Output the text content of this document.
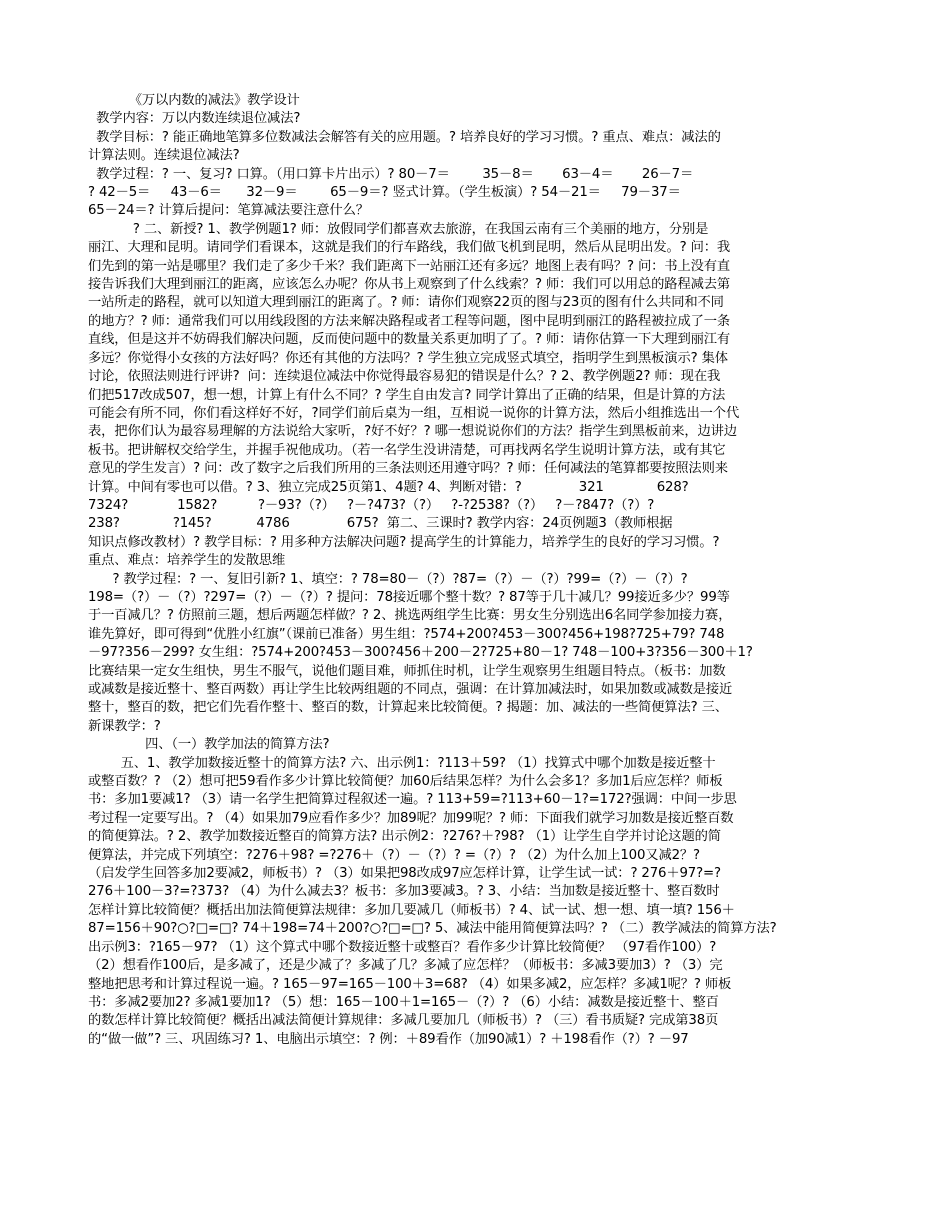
《万以内数的减法》教学设计
教学内容：万以内数连续退位减法?
教学目标：? 能正确地笔算多位数减法会解答有关的应用题。? 培养良好的学习习惯。? 重点、难点：减法的
计算法则。连续退位减法?
教学过程：? 一、复习? 口算。（用口算卡片出示）? 80－7＝        35－8＝       63－4＝       26－7＝
? 42－5＝     43－6＝      32－9＝        65－9＝? 竖式计算。（学生板演）? 54－21＝     79－37＝
65－24＝? 计算后提问：笔算减法要注意什么？
? 二、新授? 1、教学例题1? 师：放假同学们都喜欢去旅游，在我国云南有三个美丽的地方，分别是
丽江、大理和昆明。请同学们看课本，这就是我们的行车路线，我们做飞机到昆明，然后从昆明出发。? 问：我
们先到的第一站是哪里？我们走了多少千米？我们距离下一站丽江还有多远？地图上表有吗？? 问：书上没有直
接告诉我们大理到丽江的距离，应该怎么办呢？你从书上观察到了什么线索？? 师：我们可以用总的路程减去第
一站所走的路程，就可以知道大理到丽江的距离了。? 师：请你们观察22页的图与23页的图有什么共同和不同
的地方？? 师：通常我们可以用线段图的方法来解决路程或者工程等问题，图中昆明到丽江的路程被拉成了一条
直线，但是这并不妨碍我们解决问题，反而使问题中的数量关系更加明了了。? 师：请你估算一下大理到丽江有
多远？你觉得小女孩的方法好吗？你还有其他的方法吗？? 学生独立完成竖式填空，指明学生到黑板演示? 集体
讨论，依照法则进行评讲?  问：连续退位减法中你觉得最容易犯的错误是什么？? 2、教学例题2? 师：现在我
们把517改成507，想一想，计算上有什么不同？? 学生自由发言? 同学计算出了正确的结果，但是计算的方法
可能会有所不同，你们看这样好不好，?同学们前后桌为一组，互相说一说你的计算方法，然后小组推选出一个代
表，把你们认为最容易理解的方法说给大家听，?好不好？? 哪一想说说你们的方法？指学生到黑板前来，边讲边
板书。把讲解权交给学生，并握手祝他成功。（若一名学生没讲清楚，可再找两名学生说明计算方法，或有其它
意见的学生发言）? 问：改了数字之后我们所用的三条法则还用遵守吗？? 师：任何减法的笔算都要按照法则来
计算。中间有零也可以借。? 3、独立完成25页第1、4题? 4、判断对错：?              321             628?
7324?            1582?          ?－93?（?）   ?－?473?（?）   ?-?2538?（?）   ?－?847?（?）?
238?             ?145?           4786              675?  第二、三课时? 教学内容：24页例题3（教师根据
知识点修改教材）? 教学目标：? 用多种方法解决问题? 提高学生的计算能力，培养学生的良好的学习习惯。?
重点、难点：培养学生的发散思维
? 教学过程：? 一、复旧引新? 1、填空：? 78=80－（?）?87=（?）－（?）?99=（?）－（?）?
198=（?）－（?）?297=（?）－（?）? 提问：78接近哪个整十数？? 87等于几十减几？99接近多少？99等
于一百减几？? 仿照前三题，想后两题怎样做？? 2、挑选两组学生比赛：男女生分别选出6名同学参加接力赛，
谁先算好，即可得到“优胜小红旗”（课前已准备）男生组：?574+200?453－300?456+198?725+79? 748
－97?356－299? 女生组：?574+200?453－300?456＋200－2?725+80－1? 748－100+3?356－300＋1?
比赛结果一定女生组快，男生不服气，说他们题目难，师抓住时机，让学生观察男生组题目特点。（板书：加数
或减数是接近整十、整百两数）再让学生比较两组题的不同点，强调：在计算加减法时，如果加数或减数是接近
整十，整百的数，把它们先看作整十、整百的数，计算起来比较简便。? 揭题：加、减法的一些简便算法? 三、
新课教学：?
四、（一）教学加法的简算方法?
五、1、教学加数接近整十的简算方法? 六、出示例1：?113＋59? （1）找算式中哪个加数是接近整十
或整百数？? （2）想可把59看作多少计算比较简便？加60后结果怎样？为什么会多1？多加1后应怎样？师板
书：多加1要减1? （3）请一名学生把简算过程叙述一遍。? 113+59=?113+60－1?=172?强调：中间一步思
考过程一定要写出。? （4）如果加79应看作多少？加89呢？加99呢？? 师：下面我们就学习加数是接近整百数
的简便算法。? 2、教学加数接近整百的简算方法? 出示例2：?276?＋?98? （1）让学生自学并讨论这题的简
便算法，并完成下列填空：?276＋98? =?276＋（?）－（?）? =（?）? （2）为什么加上100又减2？?
（启发学生回答多加2要减2，师板书）? （3）如果把98改成97应怎样计算，让学生试一试：? 276＋97?=?
276＋100－3?=?373? （4）为什么减去3？板书：多加3要减3。? 3、小结：当加数是接近整十、整百数时
怎样计算比较简便？概括出加法简便算法规律：多加几要减几（师板书）? 4、试一试、想一想、填一填? 156＋
87=156＋90?○?□=□? 74＋198=74＋200?○?□=□? 5、减法中能用简便算法吗？? （二）教学减法的简算方法?
出示例3：?165－97? （1）这个算式中哪个数接近整十或整百？看作多少计算比较简便？ （97看作100）?
（2）想看作100后，是多减了，还是少减了？多减了几？多减了应怎样？（师板书：多减3要加3）? （3）完
整地把思考和计算过程说一遍。? 165－97=165－100＋3=68? （4）如果多减2，应怎样？多减1呢？? 师板
书：多减2要加2? 多减1要加1? （5）想：165－100＋1=165－（?）? （6）小结：减数是接近整十、整百
的数怎样计算比较简便？概括出减法简便计算规律：多减几要加几（师板书）? （三）看书质疑? 完成第38页
的“做一做”? 三、巩固练习? 1、电脑出示填空：? 例：＋89看作（加90减1）? ＋198看作（?）? －97
